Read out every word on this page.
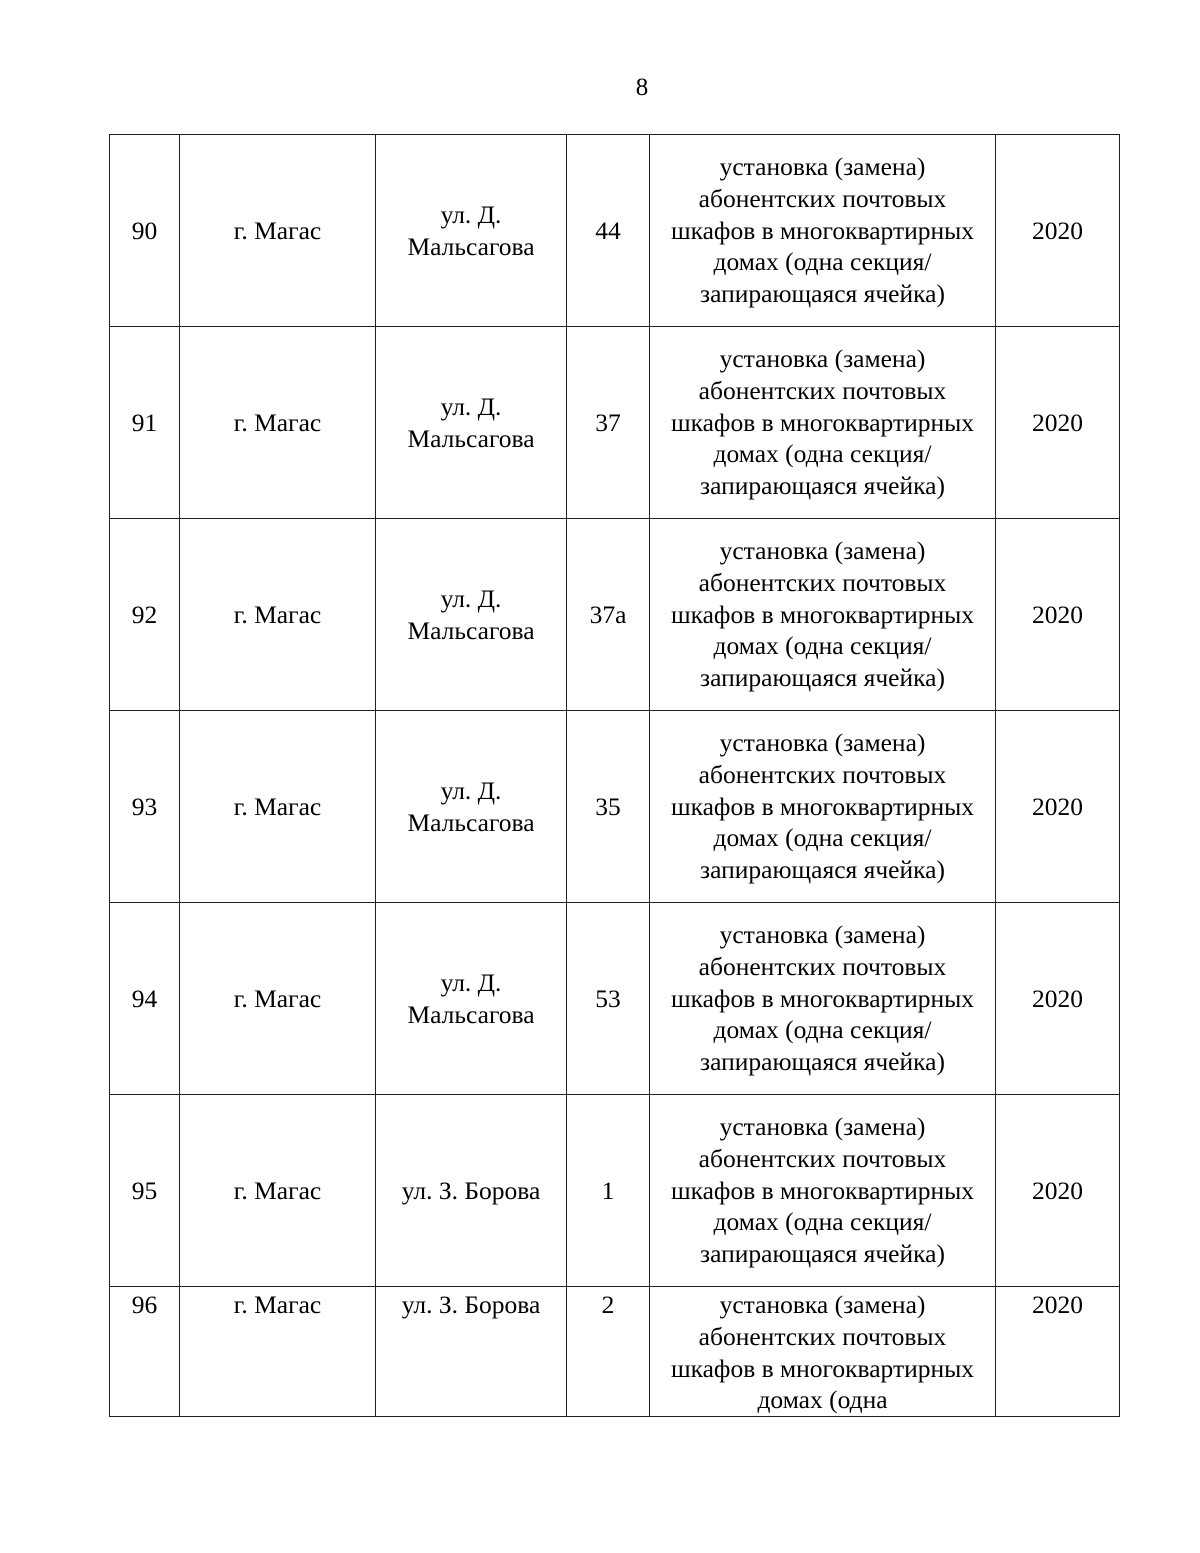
8
90	г. Магас	ул. Д. Мальсагова	44	установка (замена) абонентских почтовых шкафов в многоквартирных домах (одна секция/запирающаяся ячейка)	2020
91	г. Магас	ул. Д. Мальсагова	37	установка (замена) абонентских почтовых шкафов в многоквартирных домах (одна секция/запирающаяся ячейка)	2020
92	г. Магас	ул. Д. Мальсагова	37а	установка (замена) абонентских почтовых шкафов в многоквартирных домах (одна секция/запирающаяся ячейка)	2020
93	г. Магас	ул. Д. Мальсагова	35	установка (замена) абонентских почтовых шкафов в многоквартирных домах (одна секция/запирающаяся ячейка)	2020
94	г. Магас	ул. Д. Мальсагова	53	установка (замена) абонентских почтовых шкафов в многоквартирных домах (одна секция/запирающаяся ячейка)	2020
95	г. Магас	ул. З. Борова	1	установка (замена) абонентских почтовых шкафов в многоквартирных домах (одна секция/запирающаяся ячейка)	2020
96	г. Магас	ул. З. Борова	2	установка (замена) абонентских почтовых шкафов в многоквартирных домах (одна	2020
